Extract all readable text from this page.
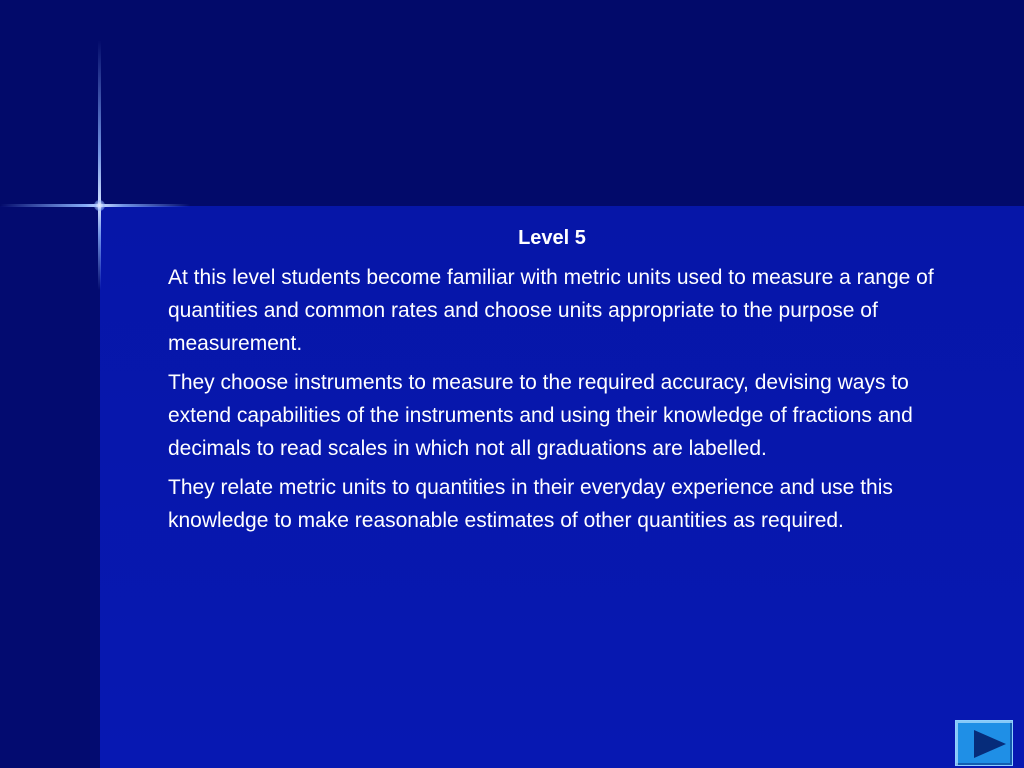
Level 5

At this level students become familiar with metric units used to measure a range of quantities and common rates and choose units appropriate to the purpose of measurement.

They choose instruments to measure to the required accuracy, devising ways to extend capabilities of the instruments and using their knowledge of fractions and decimals to read scales in which not all graduations are labelled.

They relate metric units to quantities in their everyday experience and use this knowledge to make reasonable estimates of other quantities as required.
